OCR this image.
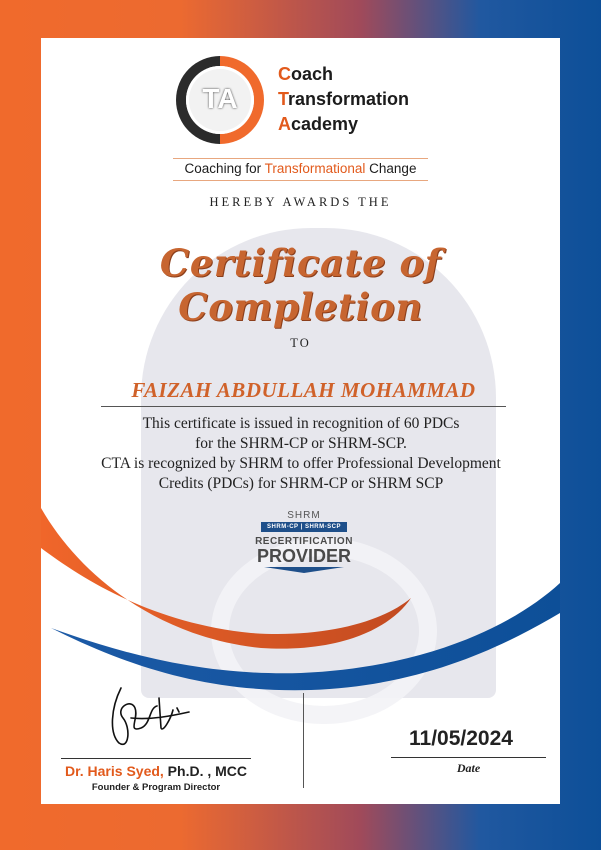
TA
Coach
Transformation
Academy
Coaching for Transformational Change
HEREBY AWARDS THE
Certificate of Completion
TO
FAIZAH ABDULLAH MOHAMMAD
This certificate is issued in recognition of 60 PDCs
for the SHRM-CP or SHRM-SCP.
CTA is recognized by SHRM to offer Professional Development
Credits (PDCs) for SHRM-CP or SHRM SCP
SHRM
SHRM-CP | SHRM-SCP
RECERTIFICATION
PROVIDER
Dr. Haris Syed, Ph.D. , MCC
Founder & Program Director
11/05/2024
Date
